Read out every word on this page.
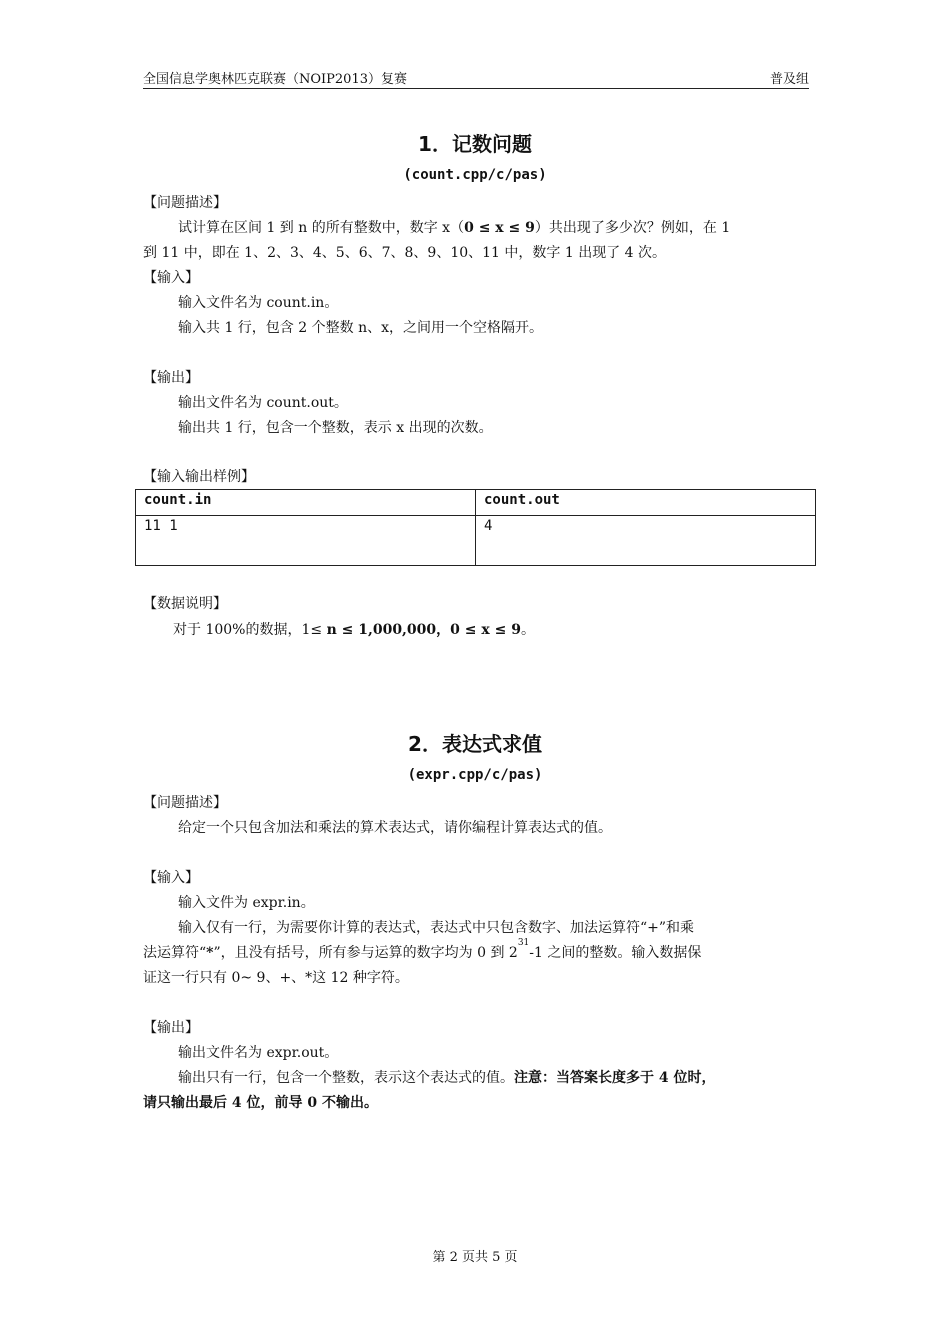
全国信息学奥林匹克联赛（NOIP2013）复赛	普及组
1．记数问题
(count.cpp/c/pas)
【问题描述】
试计算在区间 1 到 n 的所有整数中，数字 x（0 ≤ x ≤ 9）共出现了多少次？例如，在 1
到 11 中，即在 1、2、3、4、5、6、7、8、9、10、11 中，数字 1 出现了 4 次。
【输入】
输入文件名为 count.in。
输入共 1 行，包含 2 个整数 n、x，之间用一个空格隔开。
【输出】
输出文件名为 count.out。
输出共 1 行，包含一个整数，表示 x 出现的次数。
【输入输出样例】
count.in	count.out
11 1	4
【数据说明】
对于 100%的数据，1≤ n ≤ 1,000,000，0 ≤ x ≤ 9。
2．表达式求值
(expr.cpp/c/pas)
【问题描述】
给定一个只包含加法和乘法的算术表达式，请你编程计算表达式的值。
【输入】
输入文件为 expr.in。
输入仅有一行，为需要你计算的表达式，表达式中只包含数字、加法运算符“+”和乘
法运算符“*”，且没有括号，所有参与运算的数字均为 0 到 $2^{31}-1$ 之间的整数。输入数据保
证这一行只有 0~ 9、+、*这 12 种字符。
【输出】
输出文件名为 expr.out。
输出只有一行，包含一个整数，表示这个表达式的值。注意：当答案长度多于 4 位时，
请只输出最后 4 位，前导 0 不输出。
第 2 页共 5 页
